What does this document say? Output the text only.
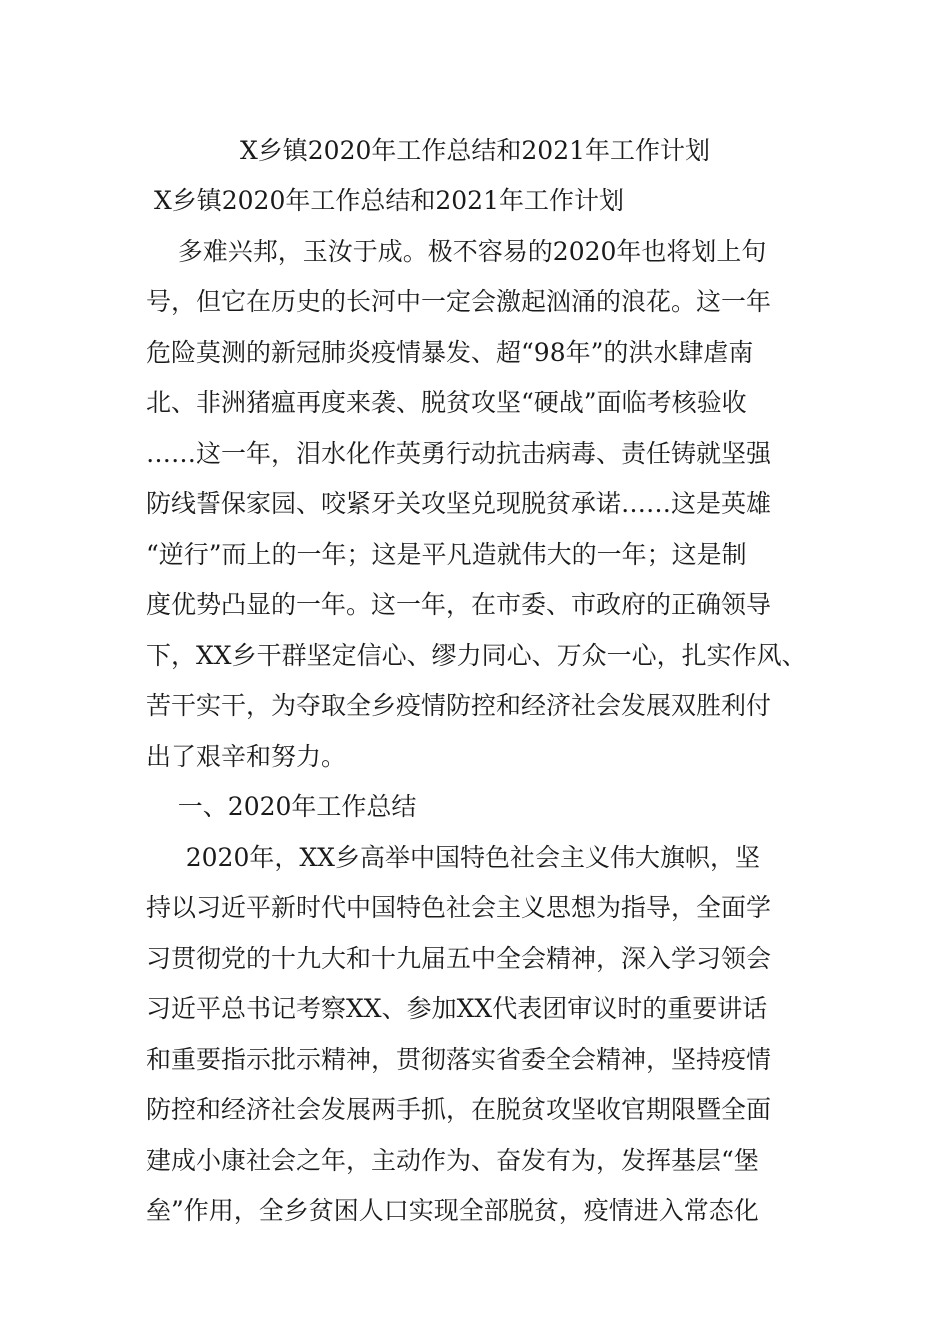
X乡镇2020年工作总结和2021年工作计划
X乡镇2020年工作总结和2021年工作计划
多难兴邦，玉汝于成。极不容易的2020年也将划上句
号，但它在历史的长河中一定会激起汹涌的浪花。这一年
危险莫测的新冠肺炎疫情暴发、超“98年”的洪水肆虐南
北、非洲猪瘟再度来袭、脱贫攻坚“硬战”面临考核验收
……这一年，泪水化作英勇行动抗击病毒、责任铸就坚强
防线誓保家园、咬紧牙关攻坚兑现脱贫承诺……这是英雄
“逆行”而上的一年；这是平凡造就伟大的一年；这是制
度优势凸显的一年。这一年，在市委、市政府的正确领导
下，XX乡干群坚定信心、缪力同心、万众一心，扎实作风、
苦干实干，为夺取全乡疫情防控和经济社会发展双胜利付
出了艰辛和努力。
一、2020年工作总结
2020年，XX乡高举中国特色社会主义伟大旗帜，坚
持以习近平新时代中国特色社会主义思想为指导，全面学
习贯彻党的十九大和十九届五中全会精神，深入学习领会
习近平总书记考察XX、参加XX代表团审议时的重要讲话
和重要指示批示精神，贯彻落实省委全会精神，坚持疫情
防控和经济社会发展两手抓，在脱贫攻坚收官期限暨全面
建成小康社会之年，主动作为、奋发有为，发挥基层“堡
垒”作用，全乡贫困人口实现全部脱贫，疫情进入常态化
